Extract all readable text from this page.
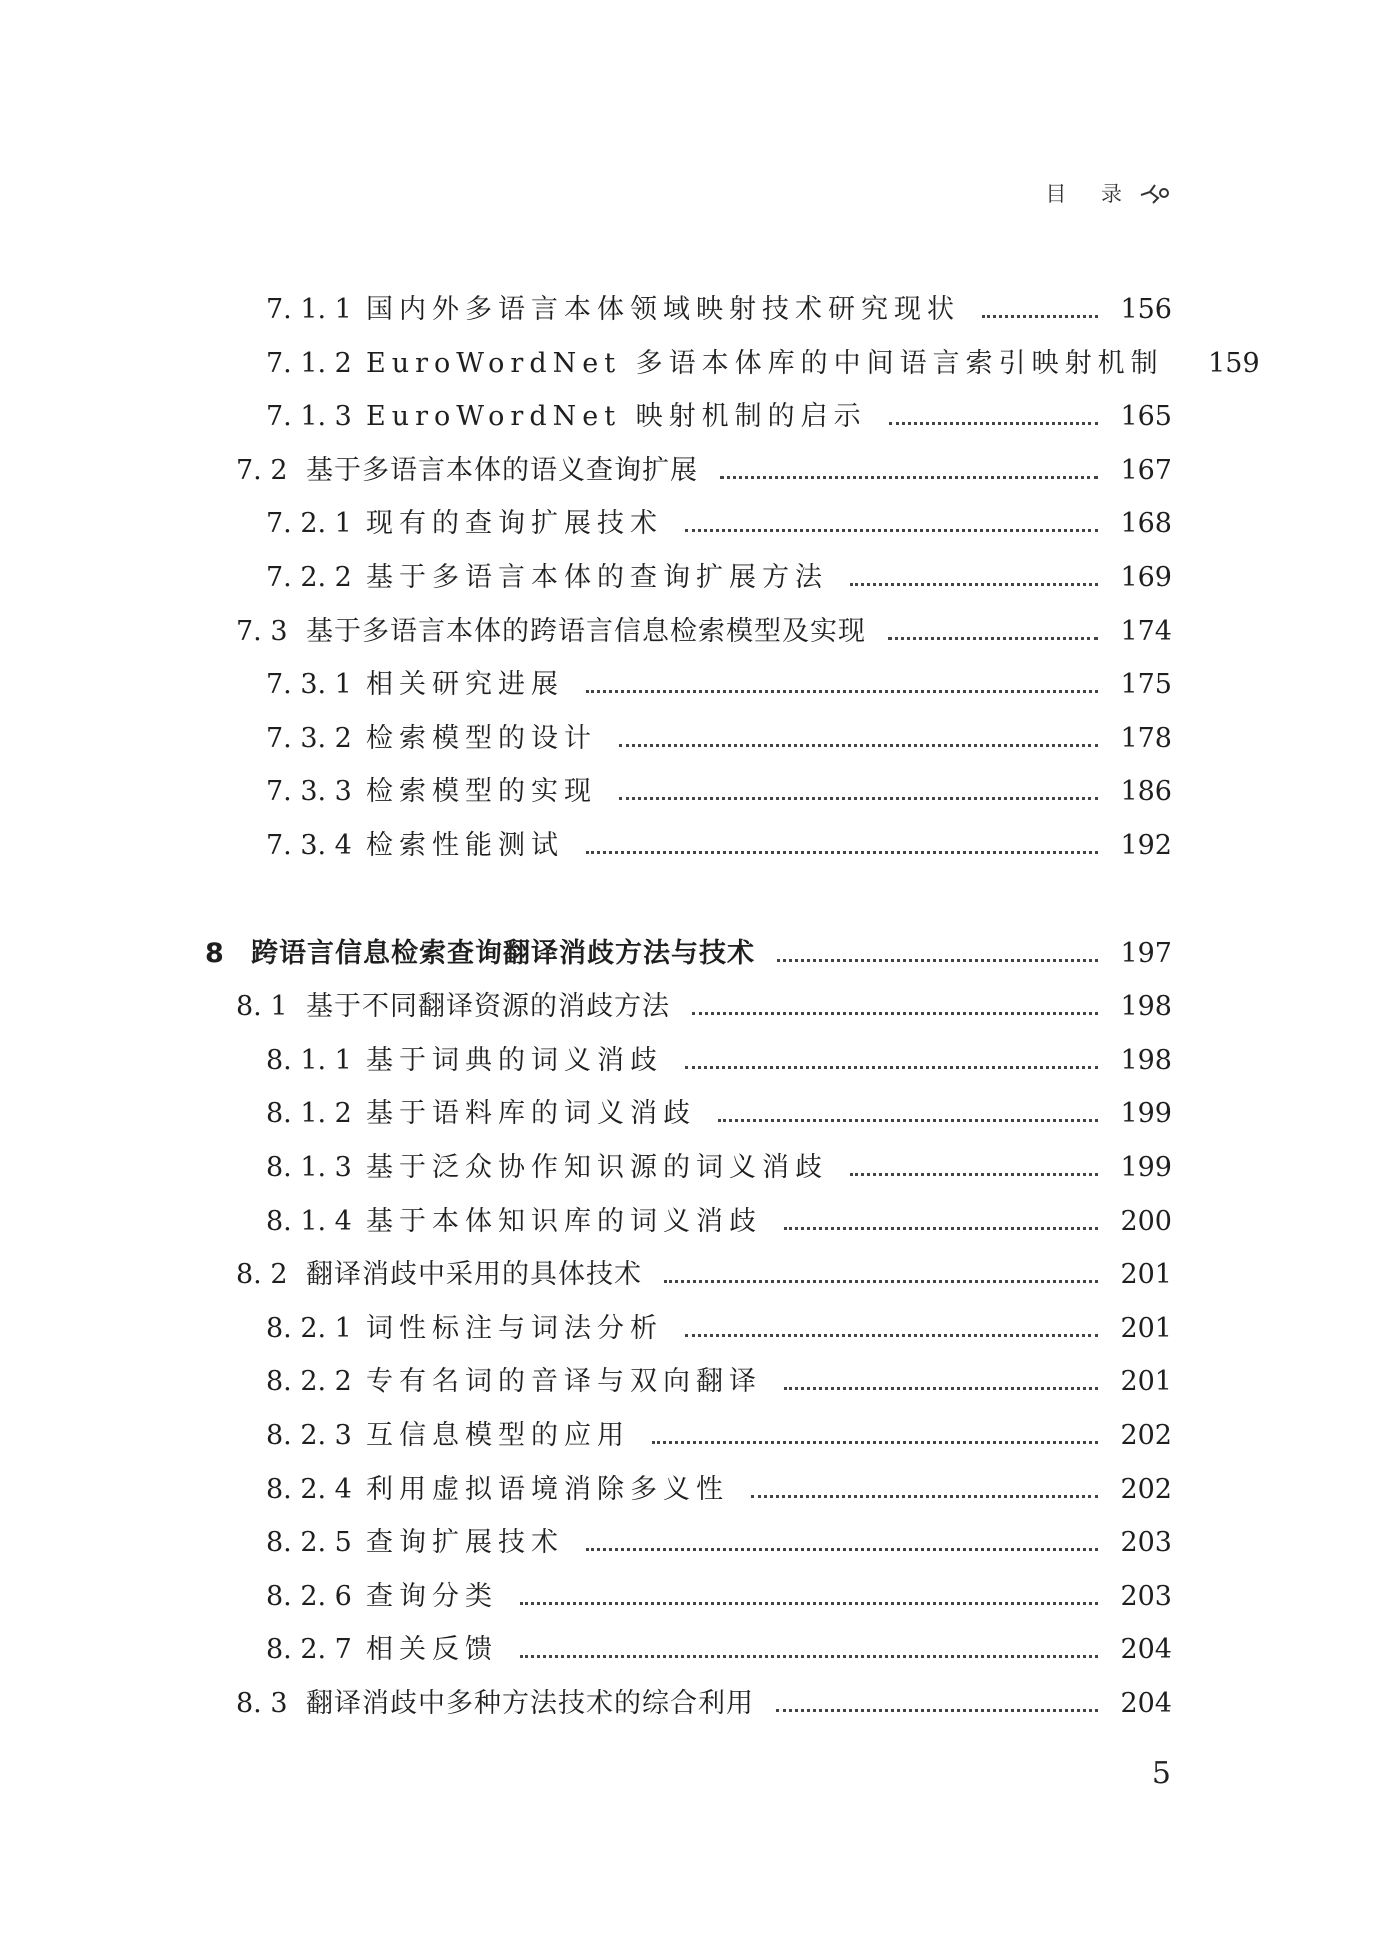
目 录
7. 1. 1 国内外多语言本体领域映射技术研究现状	156
7. 1. 2 EuroWordNet 多语本体库的中间语言索引映射机制	159
7. 1. 3 EuroWordNet 映射机制的启示	165
7. 2 基于多语言本体的语义查询扩展	167
7. 2. 1 现有的查询扩展技术	168
7. 2. 2 基于多语言本体的查询扩展方法	169
7. 3 基于多语言本体的跨语言信息检索模型及实现	174
7. 3. 1 相关研究进展	175
7. 3. 2 检索模型的设计	178
7. 3. 3 检索模型的实现	186
7. 3. 4 检索性能测试	192
8	跨语言信息检索查询翻译消歧方法与技术	197
8. 1 基于不同翻译资源的消歧方法	198
8. 1. 1 基于词典的词义消歧	198
8. 1. 2 基于语料库的词义消歧	199
8. 1. 3 基于泛众协作知识源的词义消歧	199
8. 1. 4 基于本体知识库的词义消歧	200
8. 2 翻译消歧中采用的具体技术	201
8. 2. 1 词性标注与词法分析	201
8. 2. 2 专有名词的音译与双向翻译	201
8. 2. 3 互信息模型的应用	202
8. 2. 4 利用虚拟语境消除多义性	202
8. 2. 5 查询扩展技术	203
8. 2. 6 查询分类	203
8. 2. 7 相关反馈	204
8. 3 翻译消歧中多种方法技术的综合利用	204
5
